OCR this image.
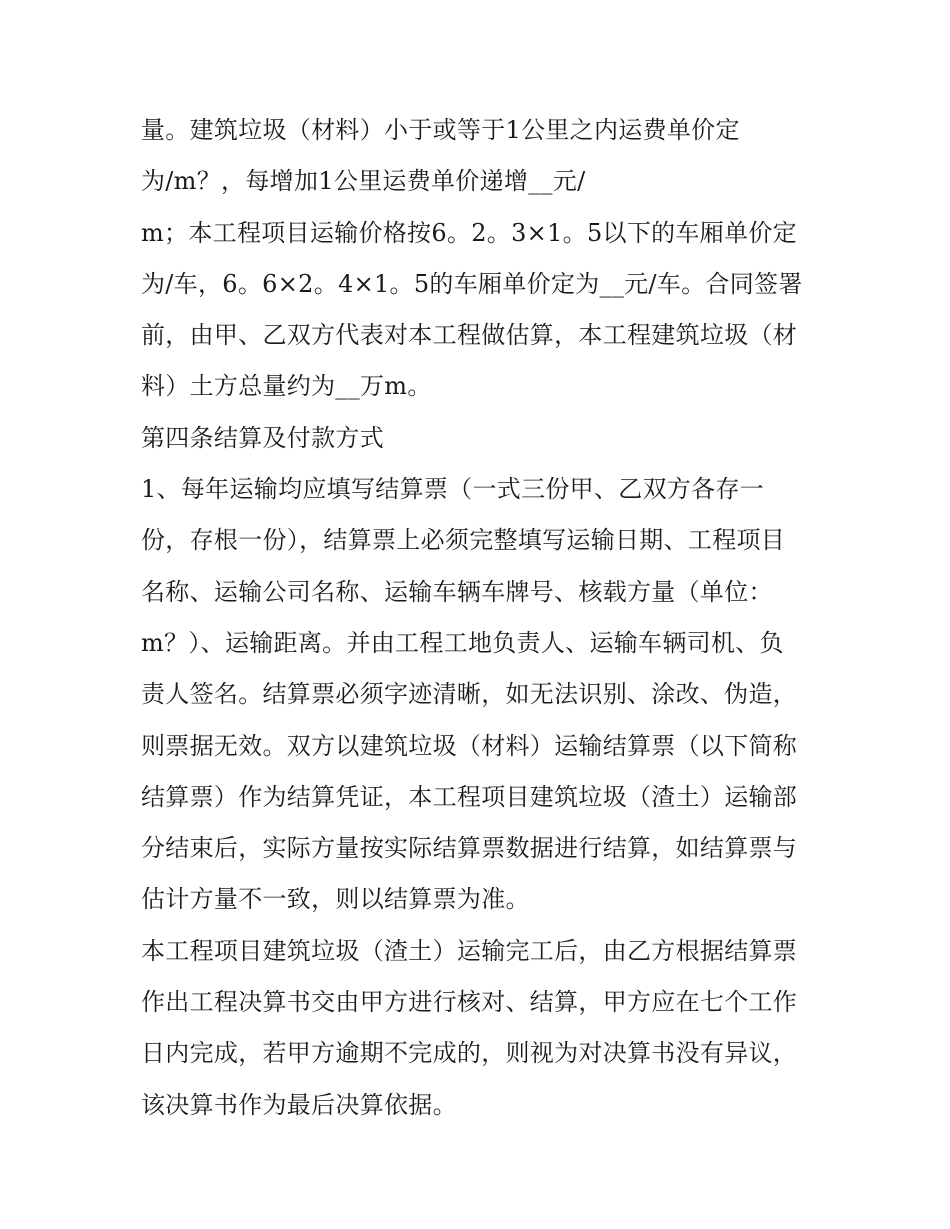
量。建筑垃圾（材料）小于或等于1公里之内运费单价定
为/m？，每增加1公里运费单价递增__元/
m；本工程项目运输价格按6。2。3×1。5以下的车厢单价定
为/车，6。6×2。4×1。5的车厢单价定为__元/车。合同签署
前，由甲、乙双方代表对本工程做估算，本工程建筑垃圾（材
料）土方总量约为__万m。
第四条结算及付款方式
1、每年运输均应填写结算票（一式三份甲、乙双方各存一
份，存根一份），结算票上必须完整填写运输日期、工程项目
名称、运输公司名称、运输车辆车牌号、核载方量（单位：
m？）、运输距离。并由工程工地负责人、运输车辆司机、负
责人签名。结算票必须字迹清晰，如无法识别、涂改、伪造，
则票据无效。双方以建筑垃圾（材料）运输结算票（以下简称
结算票）作为结算凭证，本工程项目建筑垃圾（渣土）运输部
分结束后，实际方量按实际结算票数据进行结算，如结算票与
估计方量不一致，则以结算票为准。
本工程项目建筑垃圾（渣土）运输完工后，由乙方根据结算票
作出工程决算书交由甲方进行核对、结算，甲方应在七个工作
日内完成，若甲方逾期不完成的，则视为对决算书没有异议，
该决算书作为最后决算依据。
